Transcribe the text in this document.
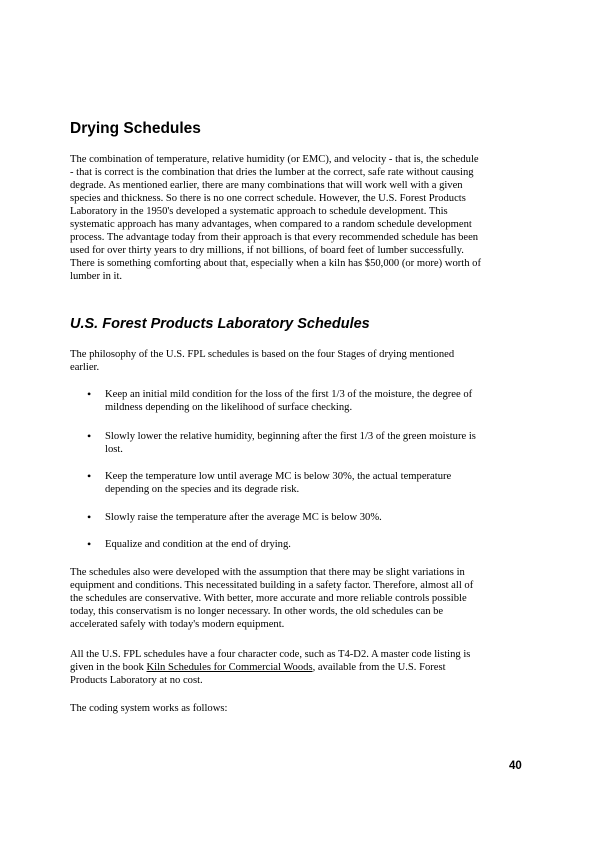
Drying Schedules
The combination of temperature, relative humidity (or EMC), and velocity - that is, the schedule
- that is correct is the combination that dries the lumber at the correct, safe rate without causing
degrade. As mentioned earlier, there are many combinations that will work well with a given
species and thickness. So there is no one correct schedule. However, the U.S. Forest Products
Laboratory in the 1950's developed a systematic approach to schedule development. This
systematic approach has many advantages, when compared to a random schedule development
process. The advantage today from their approach is that every recommended schedule has been
used for over thirty years to dry millions, if not billions, of board feet of lumber successfully.
There is something comforting about that, especially when a kiln has $50,000 (or more) worth of
lumber in it.
U.S. Forest Products Laboratory Schedules
The philosophy of the U.S. FPL schedules is based on the four Stages of drying mentioned
earlier.
• Keep an initial mild condition for the loss of the first 1/3 of the moisture, the degree of
mildness depending on the likelihood of surface checking.
• Slowly lower the relative humidity, beginning after the first 1/3 of the green moisture is
lost.
• Keep the temperature low until average MC is below 30%, the actual temperature
depending on the species and its degrade risk.
• Slowly raise the temperature after the average MC is below 30%.
• Equalize and condition at the end of drying.
The schedules also were developed with the assumption that there may be slight variations in
equipment and conditions. This necessitated building in a safety factor. Therefore, almost all of
the schedules are conservative. With better, more accurate and more reliable controls possible
today, this conservatism is no longer necessary. In other words, the old schedules can be
accelerated safely with today's modern equipment.
All the U.S. FPL schedules have a four character code, such as T4-D2. A master code listing is
given in the book Kiln Schedules for Commercial Woods, available from the U.S. Forest
Products Laboratory at no cost.
The coding system works as follows:
40
